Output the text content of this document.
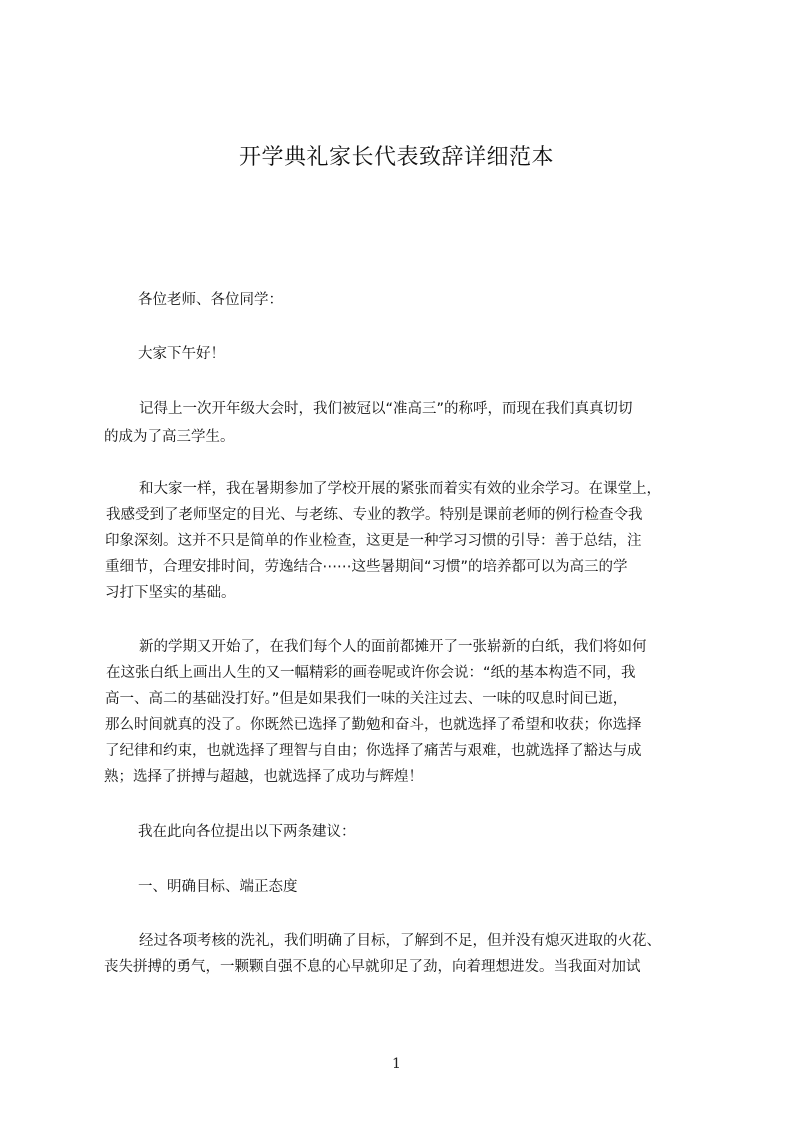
开学典礼家长代表致辞详细范本
各位老师、各位同学：
大家下午好！
记得上一次开年级大会时，我们被冠以“准高三”的称呼，而现在我们真真切切
的成为了高三学生。
和大家一样，我在暑期参加了学校开展的紧张而着实有效的业余学习。在课堂上，
我感受到了老师坚定的目光、与老练、专业的教学。特别是课前老师的例行检查令我
印象深刻。这并不只是简单的作业检查，这更是一种学习习惯的引导：善于总结，注
重细节，合理安排时间，劳逸结合⋯⋯这些暑期间“习惯”的培养都可以为高三的学
习打下坚实的基础。
新的学期又开始了，在我们每个人的面前都摊开了一张崭新的白纸，我们将如何
在这张白纸上画出人生的又一幅精彩的画卷呢或许你会说：“纸的基本构造不同，我
高一、高二的基础没打好。”但是如果我们一味的关注过去、一味的叹息时间已逝，
那么时间就真的没了。你既然已选择了勤勉和奋斗，也就选择了希望和收获；你选择
了纪律和约束，也就选择了理智与自由；你选择了痛苦与艰难，也就选择了豁达与成
熟；选择了拼搏与超越，也就选择了成功与辉煌！
我在此向各位提出以下两条建议：
一、明确目标、端正态度
经过各项考核的洗礼，我们明确了目标，了解到不足，但并没有熄灭进取的火花、
丧失拼搏的勇气，一颗颗自强不息的心早就卯足了劲，向着理想进发。当我面对加试
1
